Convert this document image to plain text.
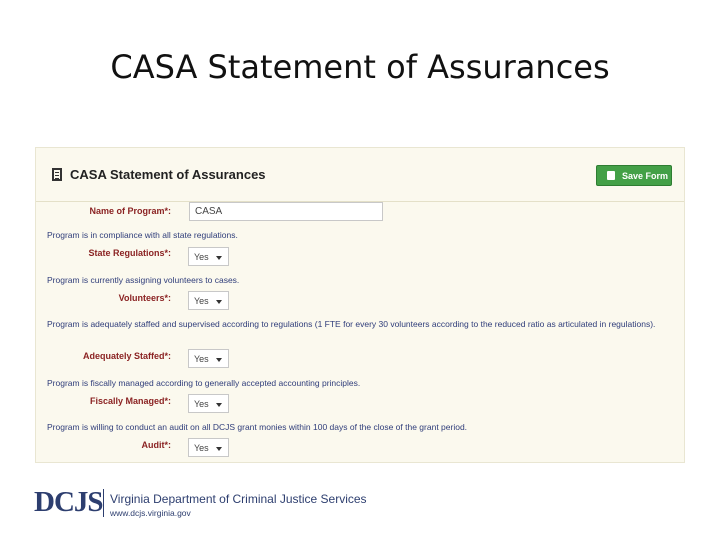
CASA Statement of Assurances
CASA Statement of Assurances	Save Form
Name of Program*:	CASA
Program is in compliance with all state regulations.
State Regulations*:	Yes
Program is currently assigning volunteers to cases.
Volunteers*:	Yes
Program is adequately staffed and supervised according to regulations (1 FTE for every 30 volunteers according to the reduced ratio as articulated in regulations).
Adequately Staffed*:	Yes
Program is fiscally managed according to generally accepted accounting principles.
Fiscally Managed*:	Yes
Program is willing to conduct an audit on all DCJS grant monies within 100 days of the close of the grant period.
Audit*:	Yes
DCJS Virginia Department of Criminal Justice Services
www.dcjs.virginia.gov
